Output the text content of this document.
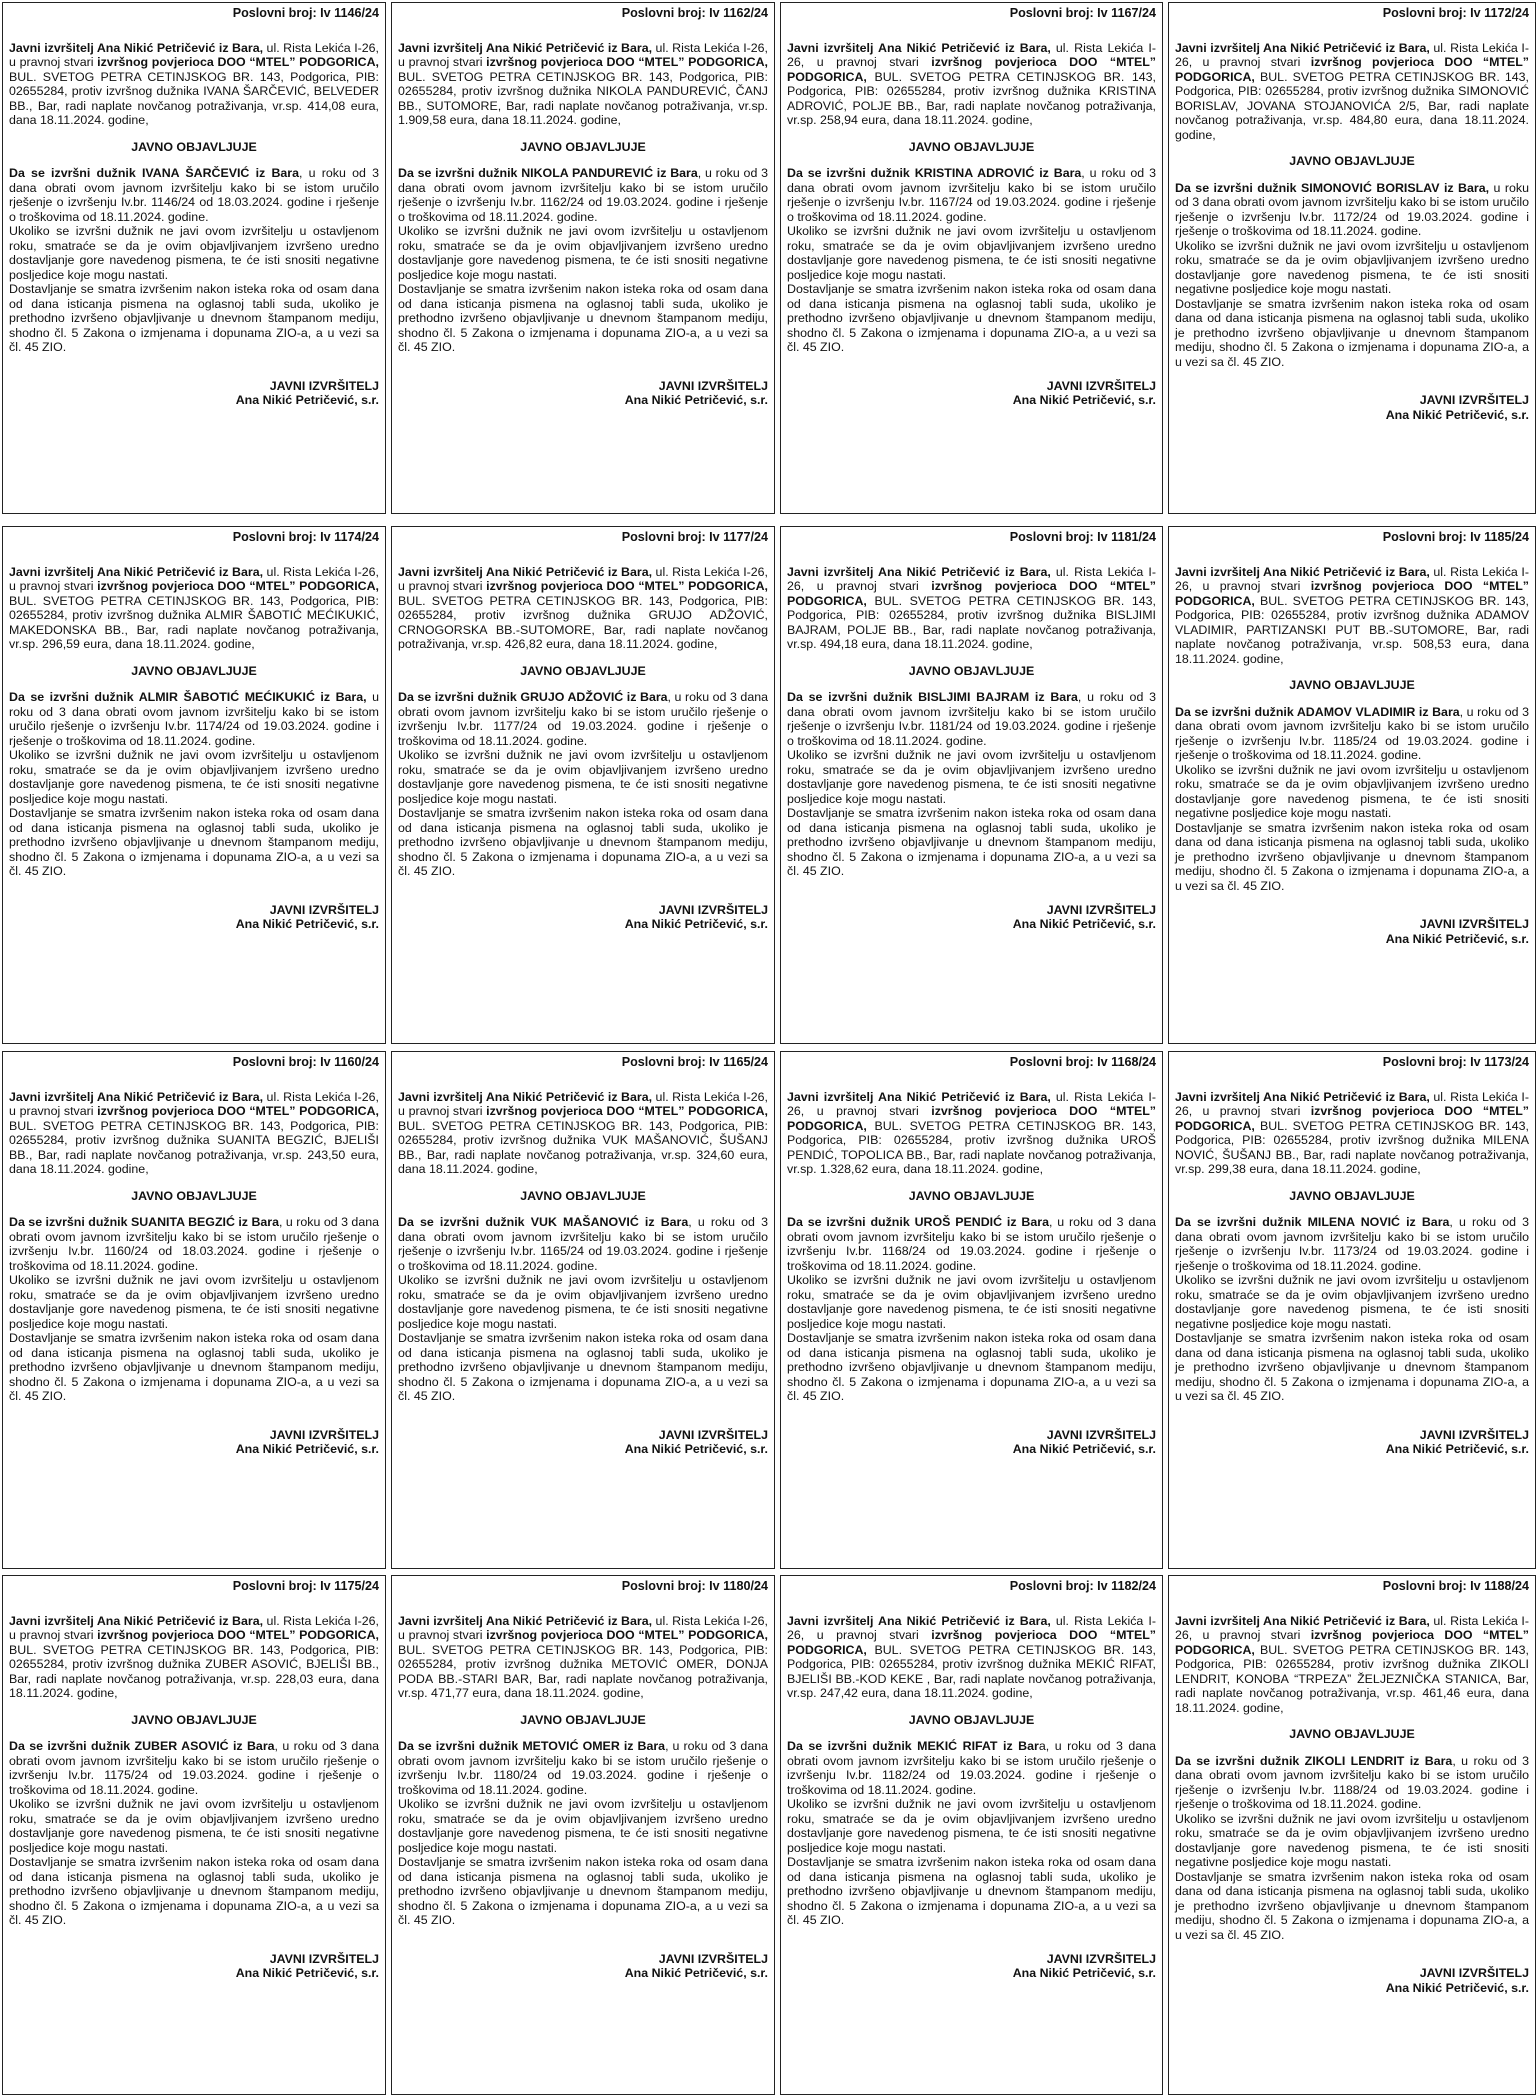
Poslovni broj: Iv 1146/24

Javni izvršitelj Ana Nikić Petričević iz Bara, ul. Rista Lekića I-26, u pravnoj stvari izvršnog povjerioca DOO “MTEL” PODGORICA, BUL. SVETOG PETRA CETINJSKOG BR. 143, Podgorica, PIB: 02655284, protiv izvršnog dužnika IVANA ŠARČEVIĆ, BELVEDER BB., Bar, radi naplate novčanog potraživanja, vr.sp. 414,08 eura, dana 18.11.2024. godine,

JAVNO OBJAVLJUJE

Da se izvršni dužnik IVANA ŠARČEVIĆ iz Bara, u roku od 3 dana obrati ovom javnom izvršitelju kako bi se istom uručilo rješenje o izvršenju Iv.br. 1146/24 od 18.03.2024. godine i rješenje o troškovima od 18.11.2024. godine.

Ukoliko se izvršni dužnik ne javi ovom izvršitelju u ostavljenom roku, smatraće se da je ovim objavljivanjem izvršeno uredno dostavljanje gore navedenog pismena, te će isti snositi negativne posljedice koje mogu nastati.

Dostavljanje se smatra izvršenim nakon isteka roka od osam dana od dana isticanja pismena na oglasnoj tabli suda, ukoliko je prethodno izvršeno objavljivanje u dnevnom štampanom mediju, shodno čl. 5 Zakona o izmjenama i dopunama ZIO-a, a u vezi sa čl. 45 ZIO.

JAVNI IZVRŠITELJ
Ana Nikić Petričević, s.r.
Poslovni broj: Iv 1162/24

Javni izvršitelj Ana Nikić Petričević iz Bara, ul. Rista Lekića I-26, u pravnoj stvari izvršnog povjerioca DOO “MTEL” PODGORICA, BUL. SVETOG PETRA CETINJSKOG BR. 143, Podgorica, PIB: 02655284, protiv izvršnog dužnika NIKOLA PANDUREVIĆ, ČANJ BB., SUTOMORE, Bar, radi naplate novčanog potraživanja, vr.sp. 1.909,58 eura, dana 18.11.2024. godine,

JAVNO OBJAVLJUJE

Da se izvršni dužnik NIKOLA PANDUREVIĆ iz Bara, u roku od 3 dana obrati ovom javnom izvršitelju kako bi se istom uručilo rješenje o izvršenju Iv.br. 1162/24 od 19.03.2024. godine i rješenje o troškovima od 18.11.2024. godine.

Ukoliko se izvršni dužnik ne javi ovom izvršitelju u ostavljenom roku, smatraće se da je ovim objavljivanjem izvršeno uredno dostavljanje gore navedenog pismena, te će isti snositi negativne posljedice koje mogu nastati.

Dostavljanje se smatra izvršenim nakon isteka roka od osam dana od dana isticanja pismena na oglasnoj tabli suda, ukoliko je prethodno izvršeno objavljivanje u dnevnom štampanom mediju, shodno čl. 5 Zakona o izmjenama i dopunama ZIO-a, a u vezi sa čl. 45 ZIO.

JAVNI IZVRŠITELJ
Ana Nikić Petričević, s.r.
Poslovni broj: Iv 1167/24

Javni izvršitelj Ana Nikić Petričević iz Bara, ul. Rista Lekića I-26, u pravnoj stvari izvršnog povjerioca DOO “MTEL” PODGORICA, BUL. SVETOG PETRA CETINJSKOG BR. 143, Podgorica, PIB: 02655284, protiv izvršnog dužnika KRISTINA ADROVIĆ, POLJE BB., Bar, radi naplate novčanog potraživanja, vr.sp. 258,94 eura, dana 18.11.2024. godine,

JAVNO OBJAVLJUJE

Da se izvršni dužnik KRISTINA ADROVIĆ iz Bara, u roku od 3 dana obrati ovom javnom izvršitelju kako bi se istom uručilo rješenje o izvršenju Iv.br. 1167/24 od 19.03.2024. godine i rješenje o troškovima od 18.11.2024. godine.

Ukoliko se izvršni dužnik ne javi ovom izvršitelju u ostavljenom roku, smatraće se da je ovim objavljivanjem izvršeno uredno dostavljanje gore navedenog pismena, te će isti snositi negativne posljedice koje mogu nastati.

Dostavljanje se smatra izvršenim nakon isteka roka od osam dana od dana isticanja pismena na oglasnoj tabli suda, ukoliko je prethodno izvršeno objavljivanje u dnevnom štampanom mediju, shodno čl. 5 Zakona o izmjenama i dopunama ZIO-a, a u vezi sa čl. 45 ZIO.

JAVNI IZVRŠITELJ
Ana Nikić Petričević, s.r.
Poslovni broj: Iv 1172/24

Javni izvršitelj Ana Nikić Petričević iz Bara, ul. Rista Lekića I-26, u pravnoj stvari izvršnog povjerioca DOO “MTEL” PODGORICA, BUL. SVETOG PETRA CETINJSKOG BR. 143, Podgorica, PIB: 02655284, protiv izvršnog dužnika SIMONOVIĆ BORISLAV, JOVANA STOJANOVIĆA 2/5, Bar, radi naplate novčanog potraživanja, vr.sp. 484,80 eura, dana 18.11.2024. godine,

JAVNO OBJAVLJUJE

Da se izvršni dužnik SIMONOVIĆ BORISLAV iz Bara, u roku od 3 dana obrati ovom javnom izvršitelju kako bi se istom uručilo rješenje o izvršenju Iv.br. 1172/24 od 19.03.2024. godine i rješenje o troškovima od 18.11.2024. godine.

Ukoliko se izvršni dužnik ne javi ovom izvršitelju u ostavljenom roku, smatraće se da je ovim objavljivanjem izvršeno uredno dostavljanje gore navedenog pismena, te će isti snositi negativne posljedice koje mogu nastati.

Dostavljanje se smatra izvršenim nakon isteka roka od osam dana od dana isticanja pismena na oglasnoj tabli suda, ukoliko je prethodno izvršeno objavljivanje u dnevnom štampanom mediju, shodno čl. 5 Zakona o izmjenama i dopunama ZIO-a, a u vezi sa čl. 45 ZIO.

JAVNI IZVRŠITELJ
Ana Nikić Petričević, s.r.
Poslovni broj: Iv 1174/24

Javni izvršitelj Ana Nikić Petričević iz Bara, ul. Rista Lekića I-26, u pravnoj stvari izvršnog povjerioca DOO “MTEL” PODGORICA, BUL. SVETOG PETRA CETINJSKOG BR. 143, Podgorica, PIB: 02655284, protiv izvršnog dužnika ALMIR ŠABOTIĆ MEĆIKUKIĆ, MAKEDONSKA BB., Bar, radi naplate novčanog potraživanja, vr.sp. 296,59 eura, dana 18.11.2024. godine,

JAVNO OBJAVLJUJE

Da se izvršni dužnik ALMIR ŠABOTIĆ MEĆIKUKIĆ iz Bara, u roku od 3 dana obrati ovom javnom izvršitelju kako bi se istom uručilo rješenje o izvršenju Iv.br. 1174/24 od 19.03.2024. godine i rješenje o troškovima od 18.11.2024. godine.

Ukoliko se izvršni dužnik ne javi ovom izvršitelju u ostavljenom roku, smatraće se da je ovim objavljivanjem izvršeno uredno dostavljanje gore navedenog pismena, te će isti snositi negativne posljedice koje mogu nastati.

Dostavljanje se smatra izvršenim nakon isteka roka od osam dana od dana isticanja pismena na oglasnoj tabli suda, ukoliko je prethodno izvršeno objavljivanje u dnevnom štampanom mediju, shodno čl. 5 Zakona o izmjenama i dopunama ZIO-a, a u vezi sa čl. 45 ZIO.

JAVNI IZVRŠITELJ
Ana Nikić Petričević, s.r.
Poslovni broj: Iv 1177/24

Javni izvršitelj Ana Nikić Petričević iz Bara, ul. Rista Lekića I-26, u pravnoj stvari izvršnog povjerioca DOO “MTEL” PODGORICA, BUL. SVETOG PETRA CETINJSKOG BR. 143, Podgorica, PIB: 02655284, protiv izvršnog dužnika GRUJO ADŽOVIĆ, CRNOGORSKA BB.-SUTOMORE, Bar, radi naplate novčanog potraživanja, vr.sp. 426,82 eura, dana 18.11.2024. godine,

JAVNO OBJAVLJUJE

Da se izvršni dužnik GRUJO ADŽOVIĆ iz Bara, u roku od 3 dana obrati ovom javnom izvršitelju kako bi se istom uručilo rješenje o izvršenju Iv.br. 1177/24 od 19.03.2024. godine i rješenje o troškovima od 18.11.2024. godine.

Ukoliko se izvršni dužnik ne javi ovom izvršitelju u ostavljenom roku, smatraće se da je ovim objavljivanjem izvršeno uredno dostavljanje gore navedenog pismena, te će isti snositi negativne posljedice koje mogu nastati.

Dostavljanje se smatra izvršenim nakon isteka roka od osam dana od dana isticanja pismena na oglasnoj tabli suda, ukoliko je prethodno izvršeno objavljivanje u dnevnom štampanom mediju, shodno čl. 5 Zakona o izmjenama i dopunama ZIO-a, a u vezi sa čl. 45 ZIO.

JAVNI IZVRŠITELJ
Ana Nikić Petričević, s.r.
Poslovni broj: Iv 1181/24

Javni izvršitelj Ana Nikić Petričević iz Bara, ul. Rista Lekića I-26, u pravnoj stvari izvršnog povjerioca DOO “MTEL” PODGORICA, BUL. SVETOG PETRA CETINJSKOG BR. 143, Podgorica, PIB: 02655284, protiv izvršnog dužnika BISLJIMI BAJRAM, POLJE BB., Bar, radi naplate novčanog potraživanja, vr.sp. 494,18 eura, dana 18.11.2024. godine,

JAVNO OBJAVLJUJE

Da se izvršni dužnik BISLJIMI BAJRAM iz Bara, u roku od 3 dana obrati ovom javnom izvršitelju kako bi se istom uručilo rješenje o izvršenju Iv.br. 1181/24 od 19.03.2024. godine i rješenje o troškovima od 18.11.2024. godine.

Ukoliko se izvršni dužnik ne javi ovom izvršitelju u ostavljenom roku, smatraće se da je ovim objavljivanjem izvršeno uredno dostavljanje gore navedenog pismena, te će isti snositi negativne posljedice koje mogu nastati.

Dostavljanje se smatra izvršenim nakon isteka roka od osam dana od dana isticanja pismena na oglasnoj tabli suda, ukoliko je prethodno izvršeno objavljivanje u dnevnom štampanom mediju, shodno čl. 5 Zakona o izmjenama i dopunama ZIO-a, a u vezi sa čl. 45 ZIO.

JAVNI IZVRŠITELJ
Ana Nikić Petričević, s.r.
Poslovni broj: Iv 1185/24

Javni izvršitelj Ana Nikić Petričević iz Bara, ul. Rista Lekića I-26, u pravnoj stvari izvršnog povjerioca DOO “MTEL” PODGORICA, BUL. SVETOG PETRA CETINJSKOG BR. 143, Podgorica, PIB: 02655284, protiv izvršnog dužnika ADAMOV VLADIMIR, PARTIZANSKI PUT BB.-SUTOMORE, Bar, radi naplate novčanog potraživanja, vr.sp. 508,53 eura, dana 18.11.2024. godine,

JAVNO OBJAVLJUJE

Da se izvršni dužnik ADAMOV VLADIMIR iz Bara, u roku od 3 dana obrati ovom javnom izvršitelju kako bi se istom uručilo rješenje o izvršenju Iv.br. 1185/24 od 19.03.2024. godine i rješenje o troškovima od 18.11.2024. godine.

Ukoliko se izvršni dužnik ne javi ovom izvršitelju u ostavljenom roku, smatraće se da je ovim objavljivanjem izvršeno uredno dostavljanje gore navedenog pismena, te će isti snositi negativne posljedice koje mogu nastati.

Dostavljanje se smatra izvršenim nakon isteka roka od osam dana od dana isticanja pismena na oglasnoj tabli suda, ukoliko je prethodno izvršeno objavljivanje u dnevnom štampanom mediju, shodno čl. 5 Zakona o izmjenama i dopunama ZIO-a, a u vezi sa čl. 45 ZIO.

JAVNI IZVRŠITELJ
Ana Nikić Petričević, s.r.
Poslovni broj: Iv 1160/24

Javni izvršitelj Ana Nikić Petričević iz Bara, ul. Rista Lekića I-26, u pravnoj stvari izvršnog povjerioca DOO “MTEL” PODGORICA, BUL. SVETOG PETRA CETINJSKOG BR. 143, Podgorica, PIB: 02655284, protiv izvršnog dužnika SUANITA BEGZIĆ, BJELIŠI BB., Bar, radi naplate novčanog potraživanja, vr.sp. 243,50 eura, dana 18.11.2024. godine,

JAVNO OBJAVLJUJE

Da se izvršni dužnik SUANITA BEGZIĆ iz Bara, u roku od 3 dana obrati ovom javnom izvršitelju kako bi se istom uručilo rješenje o izvršenju Iv.br. 1160/24 od 18.03.2024. godine i rješenje o troškovima od 18.11.2024. godine.

Ukoliko se izvršni dužnik ne javi ovom izvršitelju u ostavljenom roku, smatraće se da je ovim objavljivanjem izvršeno uredno dostavljanje gore navedenog pismena, te će isti snositi negativne posljedice koje mogu nastati.

Dostavljanje se smatra izvršenim nakon isteka roka od osam dana od dana isticanja pismena na oglasnoj tabli suda, ukoliko je prethodno izvršeno objavljivanje u dnevnom štampanom mediju, shodno čl. 5 Zakona o izmjenama i dopunama ZIO-a, a u vezi sa čl. 45 ZIO.

JAVNI IZVRŠITELJ
Ana Nikić Petričević, s.r.
Poslovni broj: Iv 1165/24

Javni izvršitelj Ana Nikić Petričević iz Bara, ul. Rista Lekića I-26, u pravnoj stvari izvršnog povjerioca DOO “MTEL” PODGORICA, BUL. SVETOG PETRA CETINJSKOG BR. 143, Podgorica, PIB: 02655284, protiv izvršnog dužnika VUK MAŠANOVIĆ, ŠUŠANJ BB., Bar, radi naplate novčanog potraživanja, vr.sp. 324,60 eura, dana 18.11.2024. godine,

JAVNO OBJAVLJUJE

Da se izvršni dužnik VUK MAŠANOVIĆ iz Bara, u roku od 3 dana obrati ovom javnom izvršitelju kako bi se istom uručilo rješenje o izvršenju Iv.br. 1165/24 od 19.03.2024. godine i rješenje o troškovima od 18.11.2024. godine.

Ukoliko se izvršni dužnik ne javi ovom izvršitelju u ostavljenom roku, smatraće se da je ovim objavljivanjem izvršeno uredno dostavljanje gore navedenog pismena, te će isti snositi negativne posljedice koje mogu nastati.

Dostavljanje se smatra izvršenim nakon isteka roka od osam dana od dana isticanja pismena na oglasnoj tabli suda, ukoliko je prethodno izvršeno objavljivanje u dnevnom štampanom mediju, shodno čl. 5 Zakona o izmjenama i dopunama ZIO-a, a u vezi sa čl. 45 ZIO.

JAVNI IZVRŠITELJ
Ana Nikić Petričević, s.r.
Poslovni broj: Iv 1168/24

Javni izvršitelj Ana Nikić Petričević iz Bara, ul. Rista Lekića I-26, u pravnoj stvari izvršnog povjerioca DOO “MTEL” PODGORICA, BUL. SVETOG PETRA CETINJSKOG BR. 143, Podgorica, PIB: 02655284, protiv izvršnog dužnika UROŠ PENDIĆ, TOPOLICA BB., Bar, radi naplate novčanog potraživanja, vr.sp. 1.328,62 eura, dana 18.11.2024. godine,

JAVNO OBJAVLJUJE

Da se izvršni dužnik UROŠ PENDIĆ iz Bara, u roku od 3 dana obrati ovom javnom izvršitelju kako bi se istom uručilo rješenje o izvršenju Iv.br. 1168/24 od 19.03.2024. godine i rješenje o troškovima od 18.11.2024. godine.

Ukoliko se izvršni dužnik ne javi ovom izvršitelju u ostavljenom roku, smatraće se da je ovim objavljivanjem izvršeno uredno dostavljanje gore navedenog pismena, te će isti snositi negativne posljedice koje mogu nastati.

Dostavljanje se smatra izvršenim nakon isteka roka od osam dana od dana isticanja pismena na oglasnoj tabli suda, ukoliko je prethodno izvršeno objavljivanje u dnevnom štampanom mediju, shodno čl. 5 Zakona o izmjenama i dopunama ZIO-a, a u vezi sa čl. 45 ZIO.

JAVNI IZVRŠITELJ
Ana Nikić Petričević, s.r.
Poslovni broj: Iv 1173/24

Javni izvršitelj Ana Nikić Petričević iz Bara, ul. Rista Lekića I-26, u pravnoj stvari izvršnog povjerioca DOO “MTEL” PODGORICA, BUL. SVETOG PETRA CETINJSKOG BR. 143, Podgorica, PIB: 02655284, protiv izvršnog dužnika MILENA NOVIĆ, ŠUŠANJ BB., Bar, radi naplate novčanog potraživanja, vr.sp. 299,38 eura, dana 18.11.2024. godine,

JAVNO OBJAVLJUJE

Da se izvršni dužnik MILENA NOVIĆ iz Bara, u roku od 3 dana obrati ovom javnom izvršitelju kako bi se istom uručilo rješenje o izvršenju Iv.br. 1173/24 od 19.03.2024. godine i rješenje o troškovima od 18.11.2024. godine.

Ukoliko se izvršni dužnik ne javi ovom izvršitelju u ostavljenom roku, smatraće se da je ovim objavljivanjem izvršeno uredno dostavljanje gore navedenog pismena, te će isti snositi negativne posljedice koje mogu nastati.

Dostavljanje se smatra izvršenim nakon isteka roka od osam dana od dana isticanja pismena na oglasnoj tabli suda, ukoliko je prethodno izvršeno objavljivanje u dnevnom štampanom mediju, shodno čl. 5 Zakona o izmjenama i dopunama ZIO-a, a u vezi sa čl. 45 ZIO.

JAVNI IZVRŠITELJ
Ana Nikić Petričević, s.r.
Poslovni broj: Iv 1175/24

Javni izvršitelj Ana Nikić Petričević iz Bara, ul. Rista Lekića I-26, u pravnoj stvari izvršnog povjerioca DOO “MTEL” PODGORICA, BUL. SVETOG PETRA CETINJSKOG BR. 143, Podgorica, PIB: 02655284, protiv izvršnog dužnika ZUBER ASOVIĆ, BJELIŠI BB., Bar, radi naplate novčanog potraživanja, vr.sp. 228,03 eura, dana 18.11.2024. godine,

JAVNO OBJAVLJUJE

Da se izvršni dužnik ZUBER ASOVIĆ iz Bara, u roku od 3 dana obrati ovom javnom izvršitelju kako bi se istom uručilo rješenje o izvršenju Iv.br. 1175/24 od 19.03.2024. godine i rješenje o troškovima od 18.11.2024. godine.

Ukoliko se izvršni dužnik ne javi ovom izvršitelju u ostavljenom roku, smatraće se da je ovim objavljivanjem izvršeno uredno dostavljanje gore navedenog pismena, te će isti snositi negativne posljedice koje mogu nastati.

Dostavljanje se smatra izvršenim nakon isteka roka od osam dana od dana isticanja pismena na oglasnoj tabli suda, ukoliko je prethodno izvršeno objavljivanje u dnevnom štampanom mediju, shodno čl. 5 Zakona o izmjenama i dopunama ZIO-a, a u vezi sa čl. 45 ZIO.

JAVNI IZVRŠITELJ
Ana Nikić Petričević, s.r.
Poslovni broj: Iv 1180/24

Javni izvršitelj Ana Nikić Petričević iz Bara, ul. Rista Lekića I-26, u pravnoj stvari izvršnog povjerioca DOO “MTEL” PODGORICA, BUL. SVETOG PETRA CETINJSKOG BR. 143, Podgorica, PIB: 02655284, protiv izvršnog dužnika METOVIĆ OMER, DONJA PODA BB.-STARI BAR, Bar, radi naplate novčanog potraživanja, vr.sp. 471,77 eura, dana 18.11.2024. godine,

JAVNO OBJAVLJUJE

Da se izvršni dužnik METOVIĆ OMER iz Bara, u roku od 3 dana obrati ovom javnom izvršitelju kako bi se istom uručilo rješenje o izvršenju Iv.br. 1180/24 od 19.03.2024. godine i rješenje o troškovima od 18.11.2024. godine.

Ukoliko se izvršni dužnik ne javi ovom izvršitelju u ostavljenom roku, smatraće se da je ovim objavljivanjem izvršeno uredno dostavljanje gore navedenog pismena, te će isti snositi negativne posljedice koje mogu nastati.

Dostavljanje se smatra izvršenim nakon isteka roka od osam dana od dana isticanja pismena na oglasnoj tabli suda, ukoliko je prethodno izvršeno objavljivanje u dnevnom štampanom mediju, shodno čl. 5 Zakona o izmjenama i dopunama ZIO-a, a u vezi sa čl. 45 ZIO.

JAVNI IZVRŠITELJ
Ana Nikić Petričević, s.r.
Poslovni broj: Iv 1182/24

Javni izvršitelj Ana Nikić Petričević iz Bara, ul. Rista Lekića I-26, u pravnoj stvari izvršnog povjerioca DOO “MTEL” PODGORICA, BUL. SVETOG PETRA CETINJSKOG BR. 143, Podgorica, PIB: 02655284, protiv izvršnog dužnika MEKIĆ RIFAT, BJELIŠI BB.-KOD KEKE , Bar, radi naplate novčanog potraživanja, vr.sp. 247,42 eura, dana 18.11.2024. godine,

JAVNO OBJAVLJUJE

Da se izvršni dužnik MEKIĆ RIFAT iz Bara, u roku od 3 dana obrati ovom javnom izvršitelju kako bi se istom uručilo rješenje o izvršenju Iv.br. 1182/24 od 19.03.2024. godine i rješenje o troškovima od 18.11.2024. godine.

Ukoliko se izvršni dužnik ne javi ovom izvršitelju u ostavljenom roku, smatraće se da je ovim objavljivanjem izvršeno uredno dostavljanje gore navedenog pismena, te će isti snositi negativne posljedice koje mogu nastati.

Dostavljanje se smatra izvršenim nakon isteka roka od osam dana od dana isticanja pismena na oglasnoj tabli suda, ukoliko je prethodno izvršeno objavljivanje u dnevnom štampanom mediju, shodno čl. 5 Zakona o izmjenama i dopunama ZIO-a, a u vezi sa čl. 45 ZIO.

JAVNI IZVRŠITELJ
Ana Nikić Petričević, s.r.
Poslovni broj: Iv 1188/24

Javni izvršitelj Ana Nikić Petričević iz Bara, ul. Rista Lekića I-26, u pravnoj stvari izvršnog povjerioca DOO “MTEL” PODGORICA, BUL. SVETOG PETRA CETINJSKOG BR. 143, Podgorica, PIB: 02655284, protiv izvršnog dužnika ZIKOLI LENDRIT, KONOBA “TRPEZA” ŽELJEZNIČKA STANICA, Bar, radi naplate novčanog potraživanja, vr.sp. 461,46 eura, dana 18.11.2024. godine,

JAVNO OBJAVLJUJE

Da se izvršni dužnik ZIKOLI LENDRIT iz Bara, u roku od 3 dana obrati ovom javnom izvršitelju kako bi se istom uručilo rješenje o izvršenju Iv.br. 1188/24 od 19.03.2024. godine i rješenje o troškovima od 18.11.2024. godine.

Ukoliko se izvršni dužnik ne javi ovom izvršitelju u ostavljenom roku, smatraće se da je ovim objavljivanjem izvršeno uredno dostavljanje gore navedenog pismena, te će isti snositi negativne posljedice koje mogu nastati.

Dostavljanje se smatra izvršenim nakon isteka roka od osam dana od dana isticanja pismena na oglasnoj tabli suda, ukoliko je prethodno izvršeno objavljivanje u dnevnom štampanom mediju, shodno čl. 5 Zakona o izmjenama i dopunama ZIO-a, a u vezi sa čl. 45 ZIO.

JAVNI IZVRŠITELJ
Ana Nikić Petričević, s.r.
